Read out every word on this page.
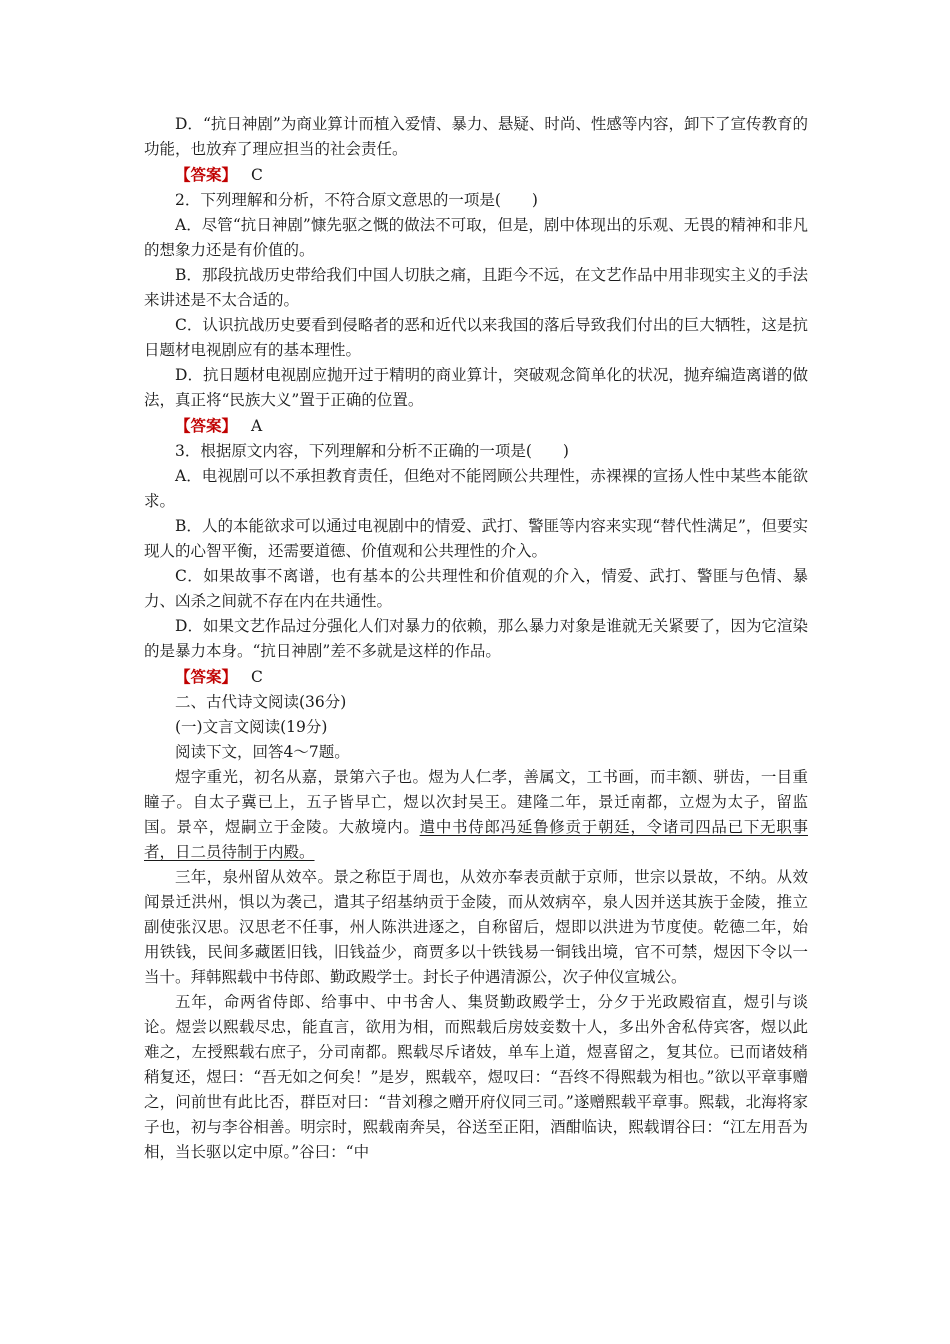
D．“抗日神剧”为商业算计而植入爱情、暴力、悬疑、时尚、性感等内容，卸下了宣传教育的功能，也放弃了理应担当的社会责任。

【答案】 C

2．下列理解和分析，不符合原文意思的一项是(　　)

A．尽管“抗日神剧”慷先驱之慨的做法不可取，但是，剧中体现出的乐观、无畏的精神和非凡的想象力还是有价值的。

B．那段抗战历史带给我们中国人切肤之痛，且距今不远，在文艺作品中用非现实主义的手法来讲述是不太合适的。

C．认识抗战历史要看到侵略者的恶和近代以来我国的落后导致我们付出的巨大牺牲，这是抗日题材电视剧应有的基本理性。

D．抗日题材电视剧应抛开过于精明的商业算计，突破观念简单化的状况，抛弃编造离谱的做法，真正将“民族大义”置于正确的位置。

【答案】 A

3．根据原文内容，下列理解和分析不正确的一项是(　　)

A．电视剧可以不承担教育责任，但绝对不能罔顾公共理性，赤裸裸的宣扬人性中某些本能欲求。

B．人的本能欲求可以通过电视剧中的情爱、武打、警匪等内容来实现“替代性满足”，但要实现人的心智平衡，还需要道德、价值观和公共理性的介入。

C．如果故事不离谱，也有基本的公共理性和价值观的介入，情爱、武打、警匪与色情、暴力、凶杀之间就不存在内在共通性。

D．如果文艺作品过分强化人们对暴力的依赖，那么暴力对象是谁就无关紧要了，因为它渲染的是暴力本身。“抗日神剧”差不多就是这样的作品。

【答案】 C

二、古代诗文阅读(36分)

(一)文言文阅读(19分)

阅读下文，回答4～7题。

煜字重光，初名从嘉，景第六子也。煜为人仁孝，善属文，工书画，而丰额、骈齿，一目重瞳子。自太子冀已上，五子皆早亡，煜以次封吴王。建隆二年，景迁南都，立煜为太子，留监国。景卒，煜嗣立于金陵。大赦境内。遣中书侍郎冯延鲁修贡于朝廷，令诸司四品已下无职事者，日二员待制于内殿。

三年，泉州留从效卒。景之称臣于周也，从效亦奉表贡献于京师，世宗以景故，不纳。从效闻景迁洪州，惧以为袭己，遣其子绍基纳贡于金陵，而从效病卒，泉人因并送其族于金陵，推立副使张汉思。汉思老不任事，州人陈洪进逐之，自称留后，煜即以洪进为节度使。乾德二年，始用铁钱，民间多藏匿旧钱，旧钱益少，商贾多以十铁钱易一铜钱出境，官不可禁，煜因下令以一当十。拜韩熙载中书侍郎、勤政殿学士。封长子仲遇清源公，次子仲仪宣城公。

五年，命两省侍郎、给事中、中书舍人、集贤勤政殿学士，分夕于光政殿宿直，煜引与谈论。煜尝以熙载尽忠，能直言，欲用为相，而熙载后房妓妾数十人，多出外舍私侍宾客，煜以此难之，左授熙载右庶子，分司南都。熙载尽斥诸妓，单车上道，煜喜留之，复其位。已而诸妓稍稍复还，煜曰：“吾无如之何矣！”是岁，熙载卒，煜叹曰：“吾终不得熙载为相也。”欲以平章事赠之，问前世有此比否，群臣对曰：“昔刘穆之赠开府仪同三司。”遂赠熙载平章事。熙载，北海将家子也，初与李谷相善。明宗时，熙载南奔吴，谷送至正阳，酒酣临诀，熙载谓谷曰：“江左用吾为相，当长驱以定中原。”谷曰：“中
